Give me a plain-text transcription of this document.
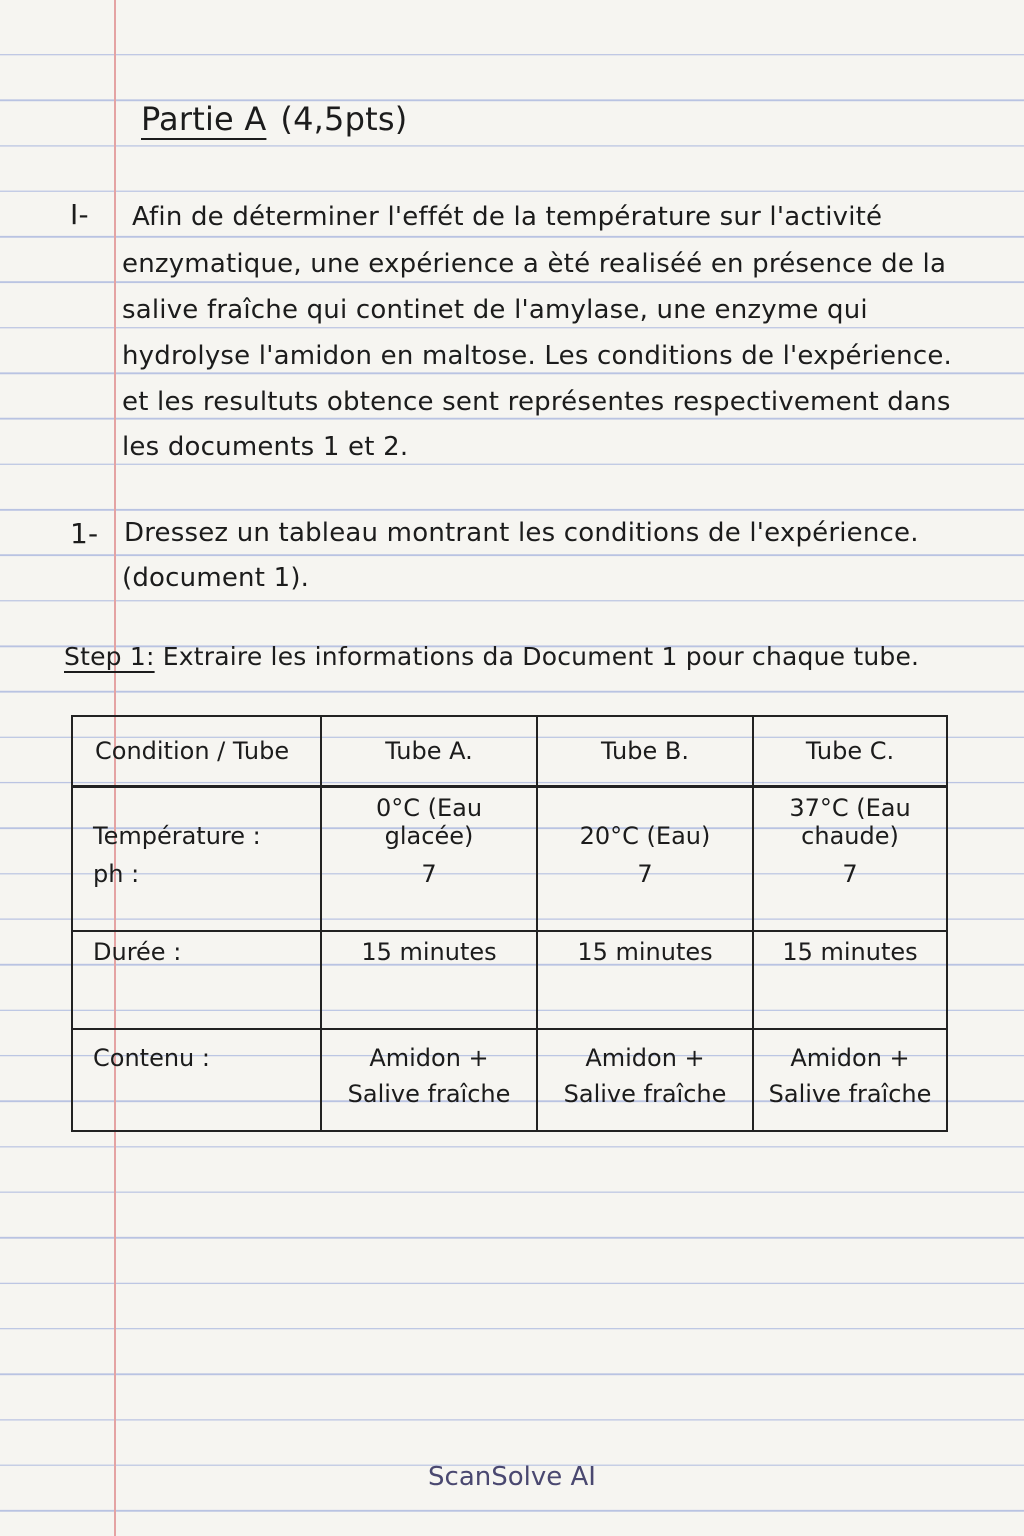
Partie A (4,5pts)
I- Afin de déterminer l'effét de la température sur l'activité
enzymatique, une expérience a èté realiséé en présence de la
salive fraîche qui continet de l'amylase, une enzyme qui
hydrolyse l'amidon en maltose. Les conditions de l'expérience.
et les resultuts obtence sent représentes respectivement dans
les documents 1 et 2.
1- Dressez un tableau montrant les conditions de l'expérience.
(document 1).
Step 1: Extraire les informations da Document 1 pour chaque tube.
Condition / Tube	Tube A.	Tube B.	Tube C.
Température :	0°C (Eau glacée)	20°C (Eau)	37°C (Eau chaude)
ph :	7	7	7
Durée :	15 minutes	15 minutes	15 minutes
Contenu :	Amidon + Salive fraîche	Amidon + Salive fraîche	Amidon + Salive fraîche
ScanSolve AI
